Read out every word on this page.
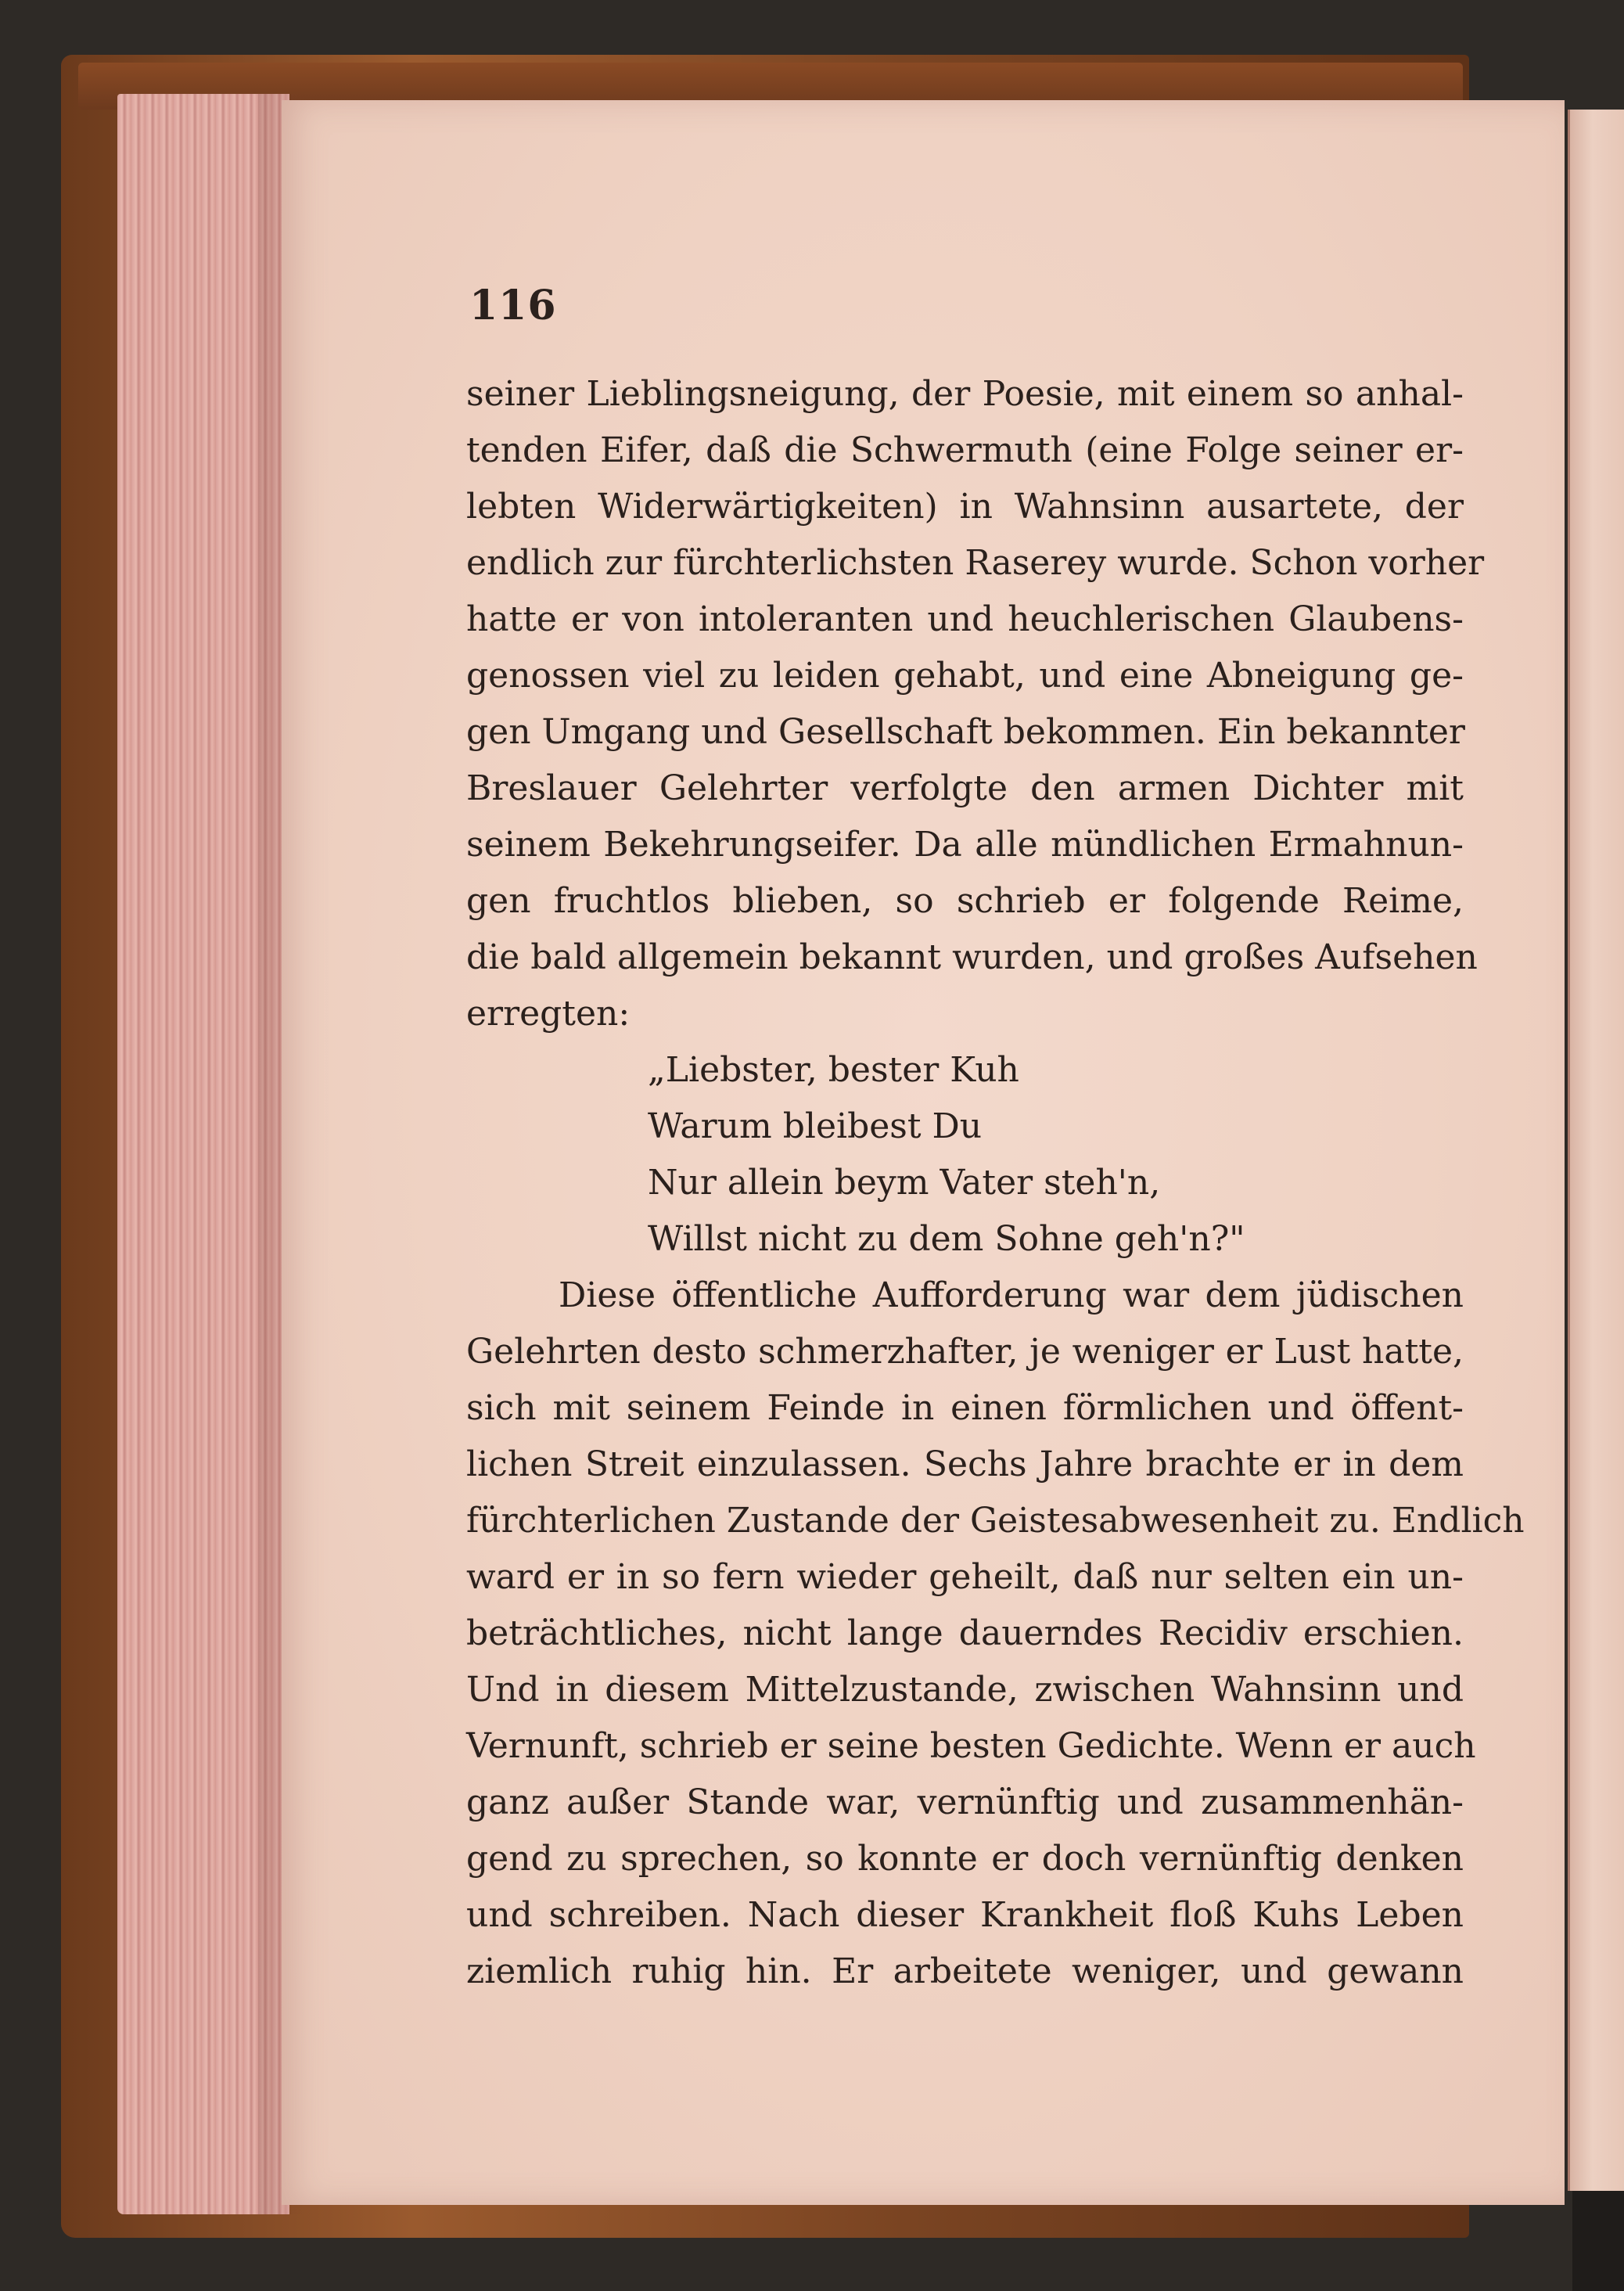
116
seiner Lieblingsneigung, der Poesie, mit einem so anhal-
tenden Eifer, daß die Schwermuth (eine Folge seiner er-
lebten Widerwärtigkeiten) in Wahnsinn ausartete, der
endlich zur fürchterlichsten Raserey wurde. Schon vorher
hatte er von intoleranten und heuchlerischen Glaubens-
genossen viel zu leiden gehabt, und eine Abneigung ge-
gen Umgang und Gesellschaft bekommen. Ein bekannter
Breslauer Gelehrter verfolgte den armen Dichter mit
seinem Bekehrungseifer. Da alle mündlichen Ermahnun-
gen fruchtlos blieben, so schrieb er folgende Reime,
die bald allgemein bekannt wurden, und großes Aufsehen
erregten:
„Liebster, bester Kuh
Warum bleibest Du
Nur allein beym Vater steh'n,
Willst nicht zu dem Sohne geh'n?"
Diese öffentliche Aufforderung war dem jüdischen
Gelehrten desto schmerzhafter, je weniger er Lust hatte,
sich mit seinem Feinde in einen förmlichen und öffent-
lichen Streit einzulassen. Sechs Jahre brachte er in dem
fürchterlichen Zustande der Geistesabwesenheit zu. Endlich
ward er in so fern wieder geheilt, daß nur selten ein un-
beträchtliches, nicht lange dauerndes Recidiv erschien.
Und in diesem Mittelzustande, zwischen Wahnsinn und
Vernunft, schrieb er seine besten Gedichte. Wenn er auch
ganz außer Stande war, vernünftig und zusammenhän-
gend zu sprechen, so konnte er doch vernünftig denken
und schreiben. Nach dieser Krankheit floß Kuhs Leben
ziemlich ruhig hin. Er arbeitete weniger, und gewann
